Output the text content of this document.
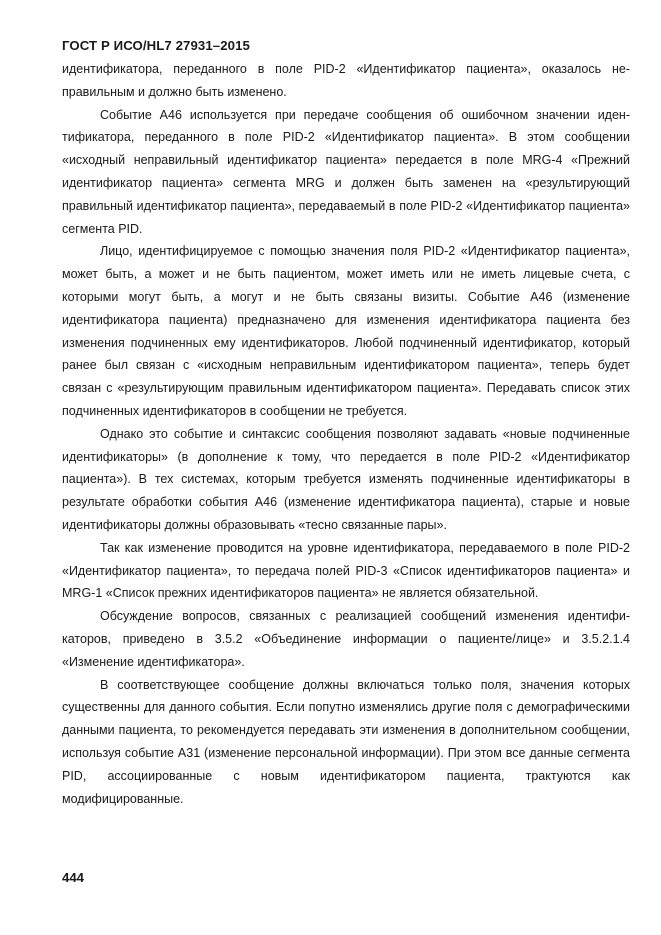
ГОСТ Р ИСО/HL7 27931–2015

идентификатора, переданного в поле PID-2 «Идентификатор пациента», оказалось неправильным и должно быть изменено.

Событие А46 используется при передаче сообщения об ошибочном значении идентификатора, переданного в поле PID-2 «Идентификатор пациента». В этом сообщении «исходный неправильный идентификатор пациента» передается в поле MRG-4 «Прежний идентификатор пациента» сегмента MRG и должен быть заменен на «результирующий правильный идентификатор пациента», передаваемый в поле PID-2 «Идентификатор пациента» сегмента PID.

Лицо, идентифицируемое с помощью значения поля PID-2 «Идентификатор пациента», может быть, а может и не быть пациентом, может иметь или не иметь лицевые счета, с которыми могут быть, а могут и не быть связаны визиты. Событие А46 (изменение идентификатора пациента) предназначено для изменения идентификатора пациента без изменения подчиненных ему идентификаторов. Любой подчиненный идентификатор, который ранее был связан с «исходным неправильным идентификатором пациента», теперь будет связан с «результирующим правильным идентификатором пациента». Передавать список этих подчиненных идентификаторов в сообщении не требуется.

Однако это событие и синтаксис сообщения позволяют задавать «новые подчиненные идентификаторы» (в дополнение к тому, что передается в поле PID-2 «Идентификатор пациента»). В тех системах, которым требуется изменять подчиненные идентификаторы в результате обработки события А46 (изменение идентификатора пациента), старые и новые идентификаторы должны образовывать «тесно связанные пары».

Так как изменение проводится на уровне идентификатора, передаваемого в поле PID-2 «Идентификатор пациента», то передача полей PID-3 «Список идентификаторов пациента» и MRG-1 «Список прежних идентификаторов пациента» не является обязательной.

Обсуждение вопросов, связанных с реализацией сообщений изменения идентификаторов, приведено в 3.5.2 «Объединение информации о пациенте/лице» и 3.5.2.1.4 «Изменение идентификатора».

В соответствующее сообщение должны включаться только поля, значения которых существенны для данного события. Если попутно изменялись другие поля с демографическими данными пациента, то рекомендуется передавать эти изменения в дополнительном сообщении, используя событие А31 (изменение персональной информации). При этом все данные сегмента PID, ассоциированные с новым идентификатором пациента, трактуются как модифицированные.

444
